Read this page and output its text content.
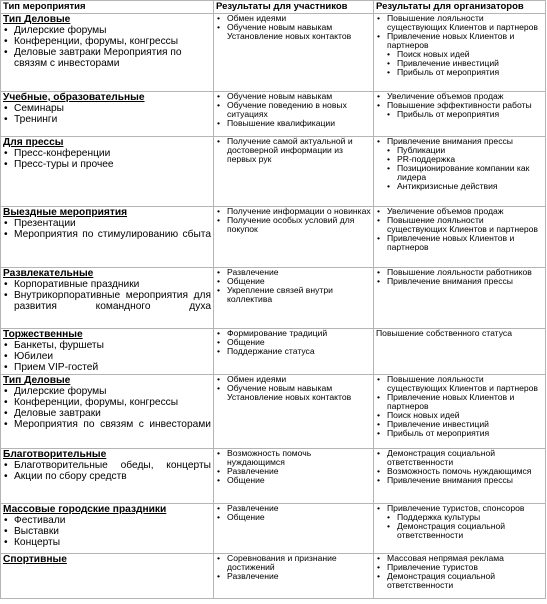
Тип мероприятия	Результаты для участников	Результаты для организаторов

Тип Деловые
• Дилерские форумы
• Конференции, форумы, конгрессы
• Деловые завтраки Мероприятия по связям с инвесторами	• Обмен идеями
• Обучение новым навыкам Установление новых контактов	• Повышение лояльности существующих Клиентов и партнеров
• Привлечение новых Клиентов и партнеров
• Поиск новых идей
• Привлечение инвестиций
• Прибыль от мероприятия

Учебные, образовательные
• Семинары
• Тренинги	• Обучение новым навыкам
• Обучение поведению в новых ситуациях
• Повышение квалификации	• Увеличение объемов продаж
• Повышение эффективности работы
• Прибыль от мероприятия

Для прессы
• Пресс-конференции
• Пресс-туры и прочее	• Получение самой актуальной и достоверной информации из первых рук	• Привлечение внимания прессы
• Публикации
• PR-поддержка
• Позиционирование компании как лидера
• Антикризисные действия

Выездные мероприятия
• Презентации
• Мероприятия по стимулированию сбыта	• Получение информации о новинках
• Получение особых условий для покупок	• Увеличение объемов продаж
• Повышение лояльности существующих Клиентов и партнеров
• Привлечение новых Клиентов и партнеров

Развлекательные
• Корпоративные праздники
• Внутрикорпоративные мероприятия для развития командного духа	• Развлечение
• Общение
• Укрепление связей внутри коллектива	• Повышение лояльности работников
• Привлечение внимания прессы

Торжественные
• Банкеты, фуршеты
• Юбилеи
• Прием VIP-гостей	• Формирование традиций
• Общение
• Поддержание статуса	Повышение собственного статуса

Тип Деловые
• Дилерские форумы
• Конференции, форумы, конгрессы
• Деловые завтраки
• Мероприятия по связям с инвесторами	• Обмен идеями
• Обучение новым навыкам Установление новых контактов	• Повышение лояльности существующих Клиентов и партнеров
• Привлечение новых Клиентов и партнеров
• Поиск новых идей
• Привлечение инвестиций
• Прибыль от мероприятия

Благотворительные
• Благотворительные обеды, концерты
• Акции по сбору средств	• Возможность помочь нуждающимся
• Развлечение
• Общение	• Демонстрация социальной ответственности
• Возможность помочь нуждающимся
• Привлечение внимания прессы

Массовые городские праздники
• Фестивали
• Выставки
• Концерты	• Развлечение
• Общение	• Привлечение туристов, спонсоров
• Поддержка культуры
• Демонстрация социальной ответственности

Спортивные	• Соревнования и признание достижений
• Развлечение	• Массовая непрямая реклама
• Привлечение туристов
• Демонстрация социальной ответственности
